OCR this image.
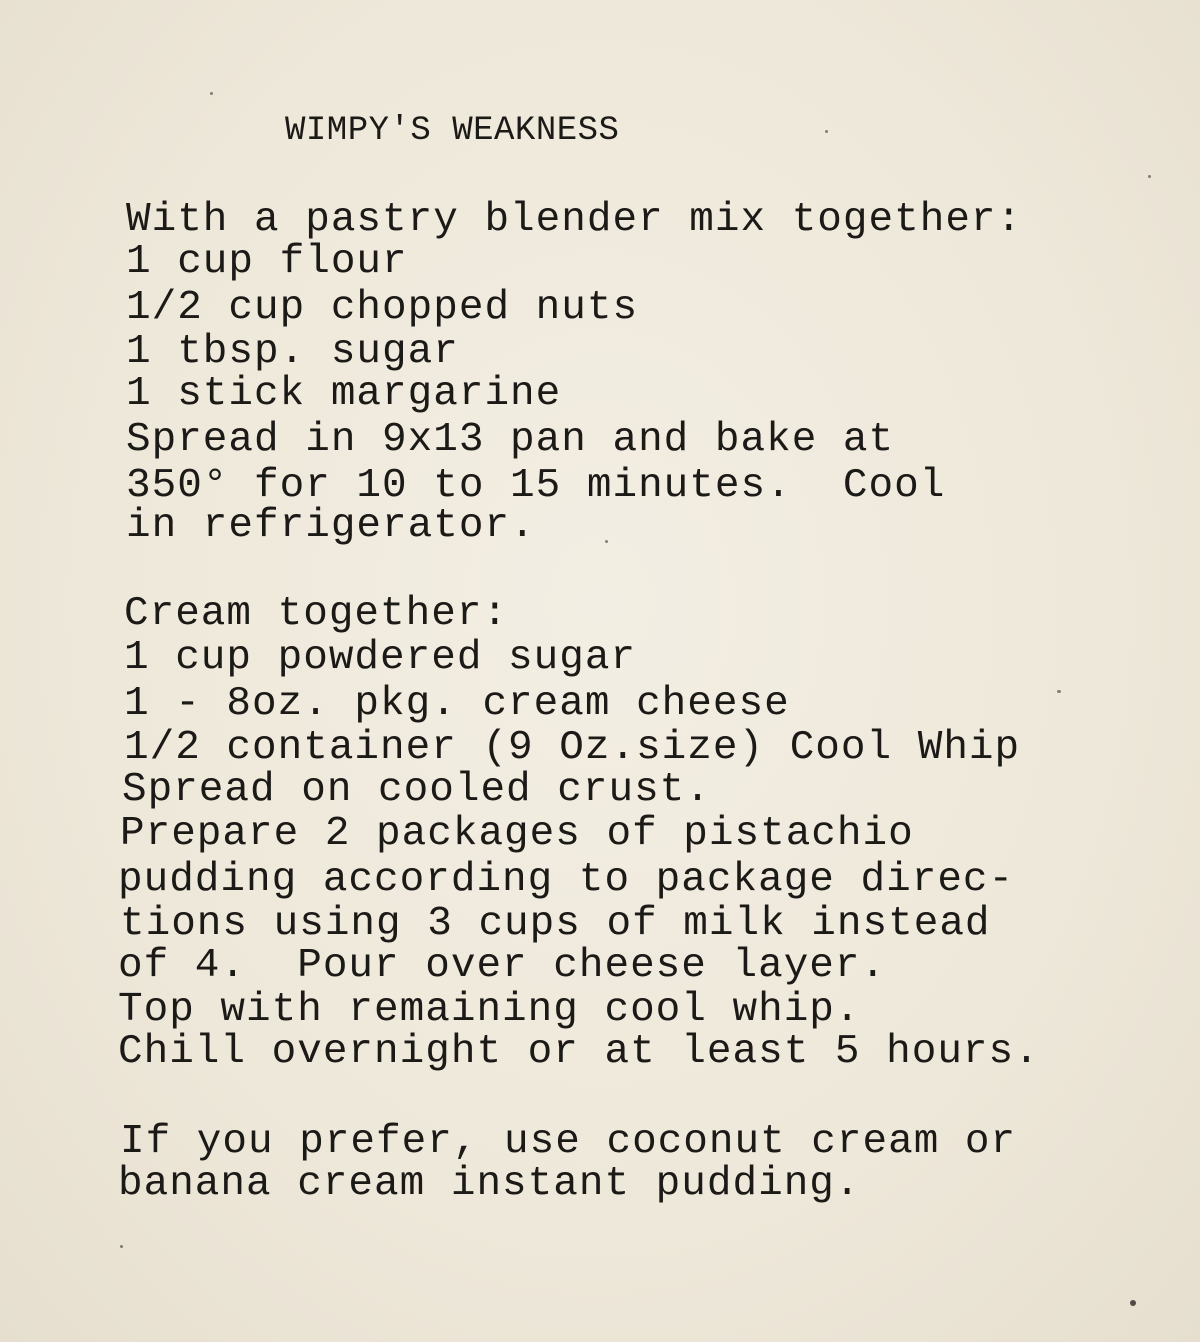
WIMPY'S WEAKNESS
With a pastry blender mix together:
1 cup flour
1/2 cup chopped nuts
1 tbsp. sugar
1 stick margarine
Spread in 9x13 pan and bake at
350° for 10 to 15 minutes.  Cool
in refrigerator.
Cream together:
1 cup powdered sugar
1 - 8oz. pkg. cream cheese
1/2 container (9 Oz.size) Cool Whip
Spread on cooled crust.
Prepare 2 packages of pistachio
pudding according to package direc-
tions using 3 cups of milk instead
of 4.  Pour over cheese layer.
Top with remaining cool whip.
Chill overnight or at least 5 hours.
If you prefer, use coconut cream or
banana cream instant pudding.
